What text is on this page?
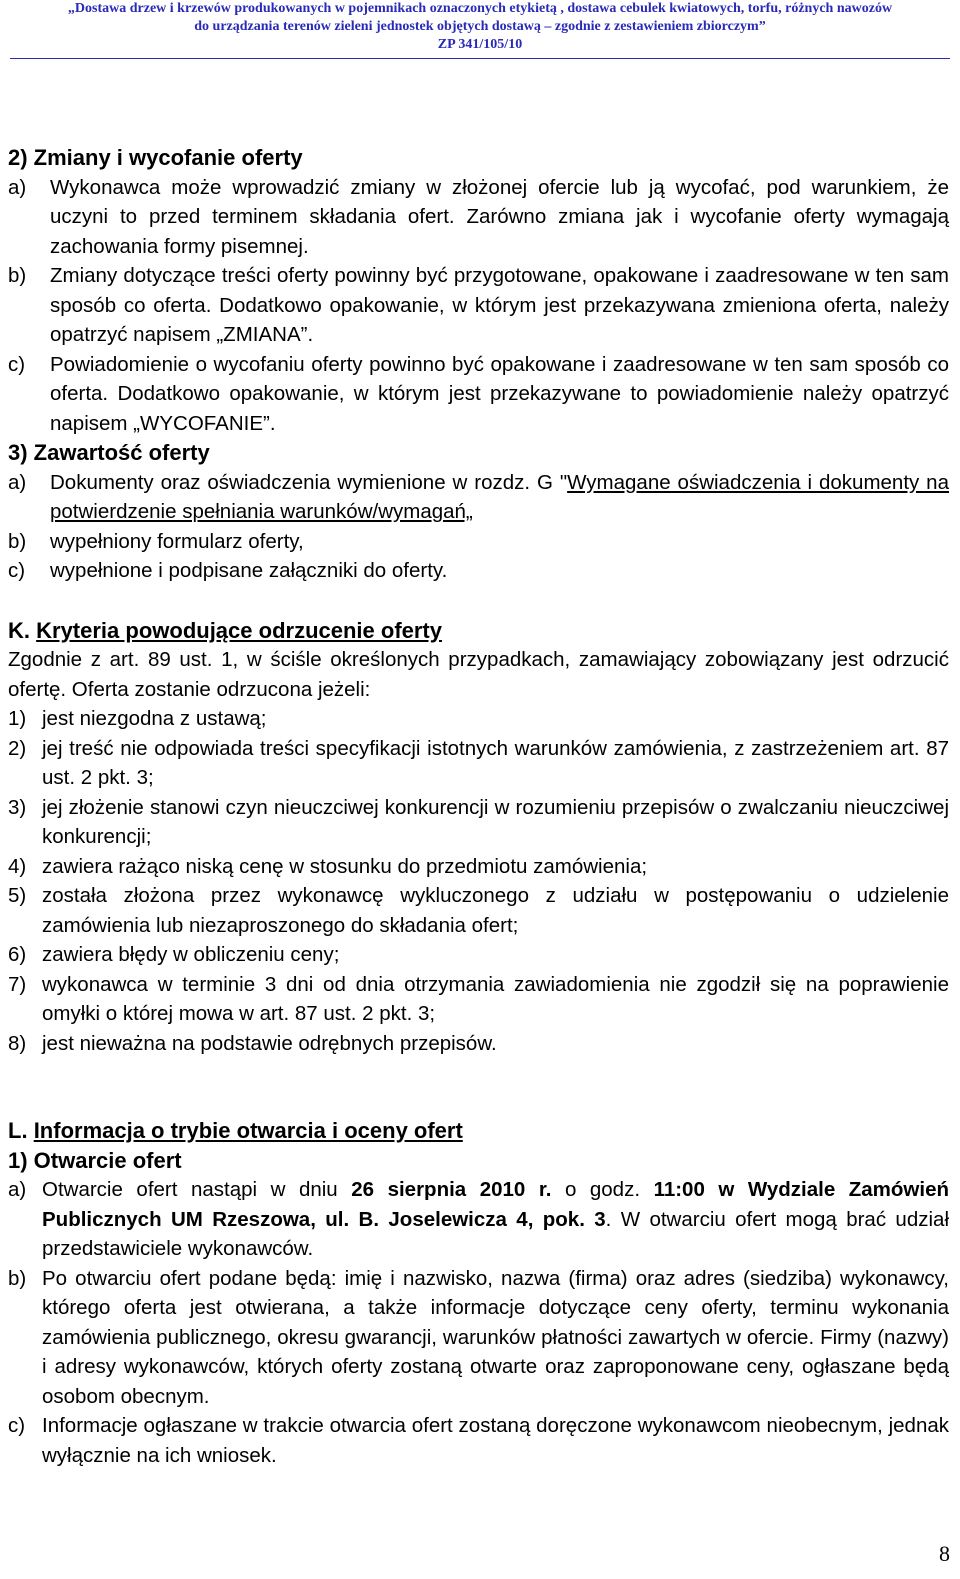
„Dostawa drzew i krzewów produkowanych w pojemnikach oznaczonych etykietą , dostawa cebulek kwiatowych, torfu, różnych nawozów
do urządzania terenów zieleni jednostek objętych dostawą – zgodnie z zestawieniem zbiorczym”
ZP 341/105/10

2) Zmiany i wycofanie oferty

a)	Wykonawca może wprowadzić zmiany w złożonej ofercie lub ją wycofać, pod warunkiem, że uczyni to przed terminem składania ofert. Zarówno zmiana jak i wycofanie oferty wymagają zachowania formy pisemnej.
b)	Zmiany dotyczące treści oferty powinny być przygotowane, opakowane i zaadresowane w ten sam sposób co oferta. Dodatkowo opakowanie, w którym jest przekazywana zmieniona oferta, należy opatrzyć napisem „ZMIANA”.
c)	Powiadomienie o wycofaniu oferty powinno być opakowane i zaadresowane w ten sam sposób co oferta. Dodatkowo opakowanie, w którym jest przekazywane to powiadomienie należy opatrzyć napisem „WYCOFANIE”.

3) Zawartość oferty

a)	Dokumenty oraz oświadczenia wymienione w rozdz. G "Wymagane oświadczenia i dokumenty na potwierdzenie spełniania warunków/wymagań„
b)	wypełniony formularz oferty,
c)	wypełnione i podpisane załączniki do oferty.

K. Kryteria powodujące odrzucenie oferty

Zgodnie z art. 89 ust. 1, w ściśle określonych przypadkach, zamawiający zobowiązany jest odrzucić ofertę. Oferta zostanie odrzucona jeżeli:

1) jest niezgodna z ustawą;
2) jej treść nie odpowiada treści specyfikacji istotnych warunków zamówienia, z zastrzeżeniem art. 87 ust. 2 pkt. 3;
3) jej złożenie stanowi czyn nieuczciwej konkurencji w rozumieniu przepisów o zwalczaniu nieuczciwej konkurencji;
4) zawiera rażąco niską cenę w stosunku do przedmiotu zamówienia;
5) została złożona przez wykonawcę wykluczonego z udziału w postępowaniu o udzielenie zamówienia lub niezaproszonego do składania ofert;
6) zawiera błędy w obliczeniu ceny;
7) wykonawca w terminie 3 dni od dnia otrzymania zawiadomienia nie zgodził się na poprawienie omyłki o której mowa w art. 87 ust. 2 pkt. 3;
8) jest nieważna na podstawie odrębnych przepisów.

L. Informacja o trybie otwarcia i oceny ofert

1) Otwarcie ofert

a) Otwarcie ofert nastąpi w dniu 26 sierpnia 2010 r. o godz. 11:00 w Wydziale Zamówień Publicznych UM Rzeszowa, ul. B. Joselewicza 4, pok. 3. W otwarciu ofert mogą brać udział przedstawiciele wykonawców.
b) Po otwarciu ofert podane będą: imię i nazwisko, nazwa (firma) oraz adres (siedziba) wykonawcy, którego oferta jest otwierana, a także informacje dotyczące ceny oferty, terminu wykonania zamówienia publicznego, okresu gwarancji, warunków płatności zawartych w ofercie. Firmy (nazwy) i adresy wykonawców, których oferty zostaną otwarte oraz zaproponowane ceny, ogłaszane będą osobom obecnym.
c) Informacje ogłaszane w trakcie otwarcia ofert zostaną doręczone wykonawcom nieobecnym, jednak wyłącznie na ich wniosek.
8
